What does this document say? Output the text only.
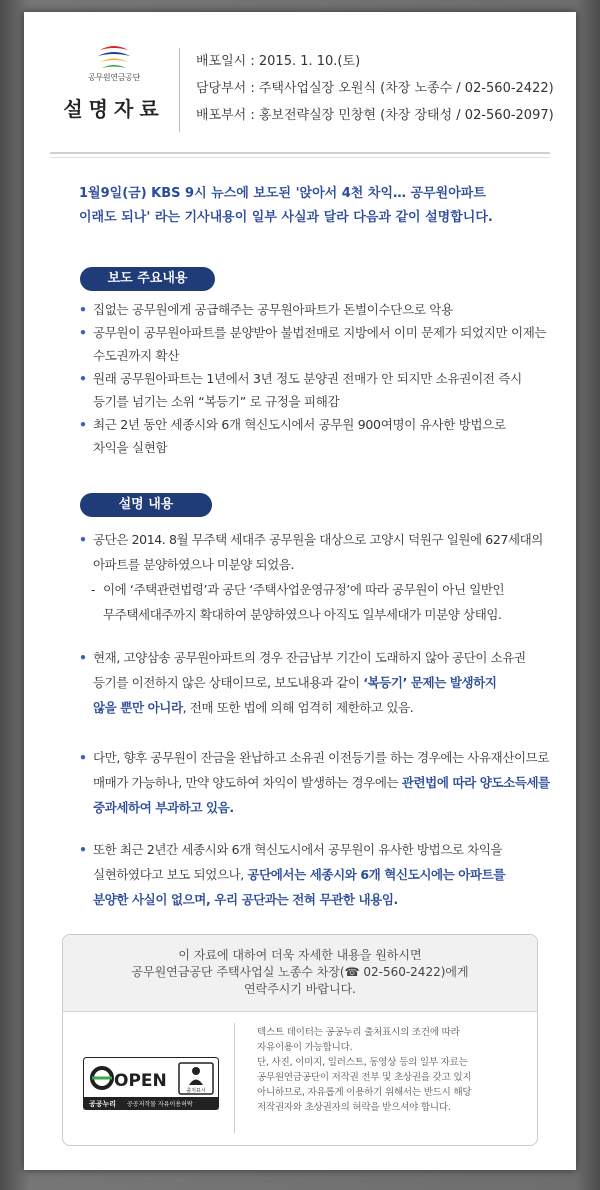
공무원연금공단
설명자료
배포일시 : 2015. 1. 10.(토)
담당부서 : 주택사업실장 오원식 (차장 노종수 / 02-560-2422)
배포부서 : 홍보전략실장 민창현 (차장 장태성 / 02-560-2097)
1월9일(금) KBS 9시 뉴스에 보도된 '앉아서 4천 차익… 공무원아파트
이래도 되나' 라는 기사내용이 일부 사실과 달라 다음과 같이 설명합니다.
보도 주요내용
• 집없는 공무원에게 공급해주는 공무원아파트가 돈벌이수단으로 악용
• 공무원이 공무원아파트를 분양받아 불법전매로 지방에서 이미 문제가 되었지만 이제는
수도권까지 확산
• 원래 공무원아파트는 1년에서 3년 정도 분양권 전매가 안 되지만 소유권이전 즉시
등기를 넘기는 소위 “복등기” 로 규정을 피해감
• 최근 2년 동안 세종시와 6개 혁신도시에서 공무원 900여명이 유사한 방법으로
차익을 실현함
설명 내용
• 공단은 2014. 8월 무주택 세대주 공무원을 대상으로 고양시 덕원구 일원에 627세대의
아파트를 분양하였으나 미분양 되었음.
- 이에 ‘주택관련법령’과 공단 ‘주택사업운영규정’에 따라 공무원이 아닌 일반인
무주택세대주까지 확대하여 분양하였으나 아직도 일부세대가 미분양 상태임.
• 현재, 고양삼송 공무원아파트의 경우 잔금납부 기간이 도래하지 않아 공단이 소유권
등기를 이전하지 않은 상태이므로, 보도내용과 같이 ‘복등기’ 문제는 발생하지
않을 뿐만 아니라, 전매 또한 법에 의해 엄격히 제한하고 있음.
• 다만, 향후 공무원이 잔금을 완납하고 소유권 이전등기를 하는 경우에는 사유재산이므로
매매가 가능하나, 만약 양도하여 차익이 발생하는 경우에는 관련법에 따라 양도소득세를
중과세하여 부과하고 있음.
• 또한 최근 2년간 세종시와 6개 혁신도시에서 공무원이 유사한 방법으로 차익을
실현하였다고 보도 되었으나, 공단에서는 세종시와 6개 혁신도시에는 아파트를
분양한 사실이 없으며, 우리 공단과는 전혀 무관한 내용임.
이 자료에 대하여 더욱 자세한 내용을 원하시면
공무원연금공단 주택사업실 노종수 차장(☎ 02-560-2422)에게
연락주시기 바랍니다.
OPEN	출처표시
공공누리 공공저작물 자유이용허락
텍스트 데이터는 공공누리 출처표시의 조건에 따라
자유이용이 가능합니다.
단, 사진, 이미지, 일러스트, 동영상 등의 일부 자료는
공무원연금공단이 저작권 전부 및 초상권을 갖고 있지
아니하므로, 자유롭게 이용하기 위해서는 반드시 해당
저작권자와 초상권자의 허락을 받으셔야 합니다.
